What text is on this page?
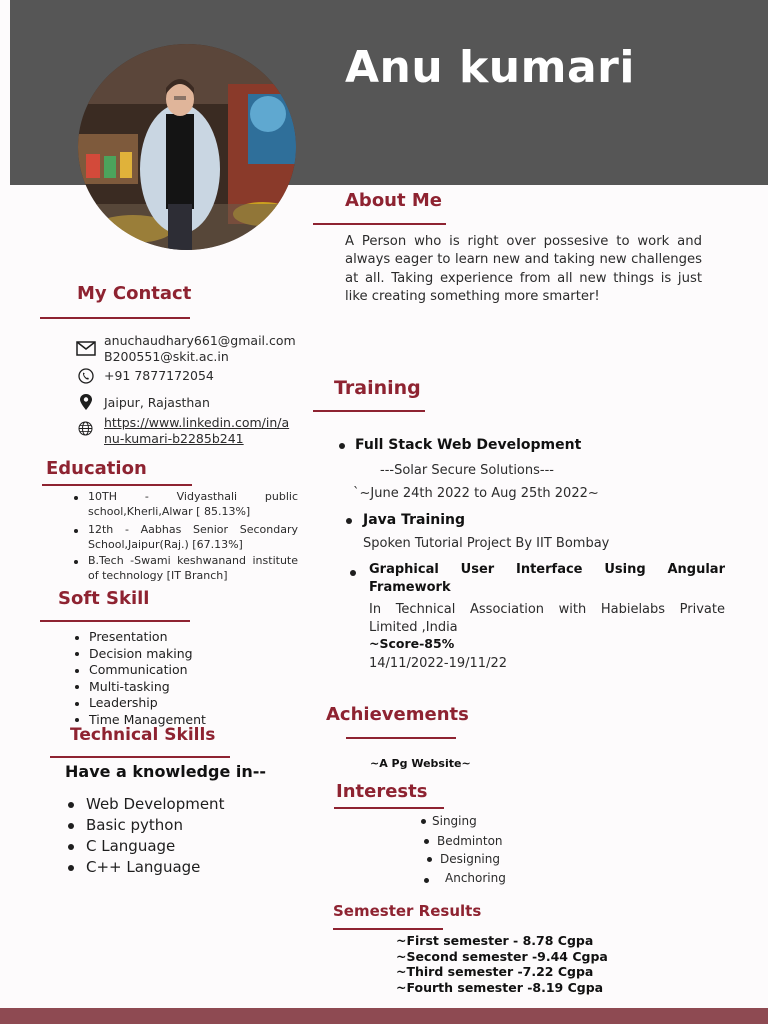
Anu kumari
About Me
A Person who is right over possesive to work and always eager to learn new and taking new challenges at all. Taking experience from all new things is just like creating something more smarter!
My Contact
anuchaudhary661@gmail.com
B200551@skit.ac.in
+91 7877172054
Jaipur, Rajasthan
https://www.linkedin.com/in/a
nu-kumari-b2285b241
Education
10TH - Vidyasthali public school,Kherli,Alwar [ 85.13%]
12th - Aabhas Senior Secondary School,Jaipur(Raj.) [67.13%]
B.Tech -Swami keshwanand institute of technology [IT Branch]
Soft Skill
Presentation
Decision making
Communication
Multi-tasking
Leadership
Time Management
Technical Skills
Have a knowledge in--
Web Development
Basic python
C Language
C++ Language
Training
Full Stack Web Development
---Solar Secure Solutions---
`~June 24th 2022 to Aug 25th 2022~
Java Training
Spoken Tutorial Project By IIT Bombay
Graphical User Interface Using Angular Framework
In Technical Association with Habielabs Private Limited ,India
~Score-85%
14/11/2022-19/11/22
Achievements
~A Pg Website~
Interests
Singing
Bedminton
Designing
Anchoring
Semester Results
~First semester - 8.78 Cgpa
~Second semester -9.44 Cgpa
~Third semester -7.22 Cgpa
~Fourth semester -8.19 Cgpa
